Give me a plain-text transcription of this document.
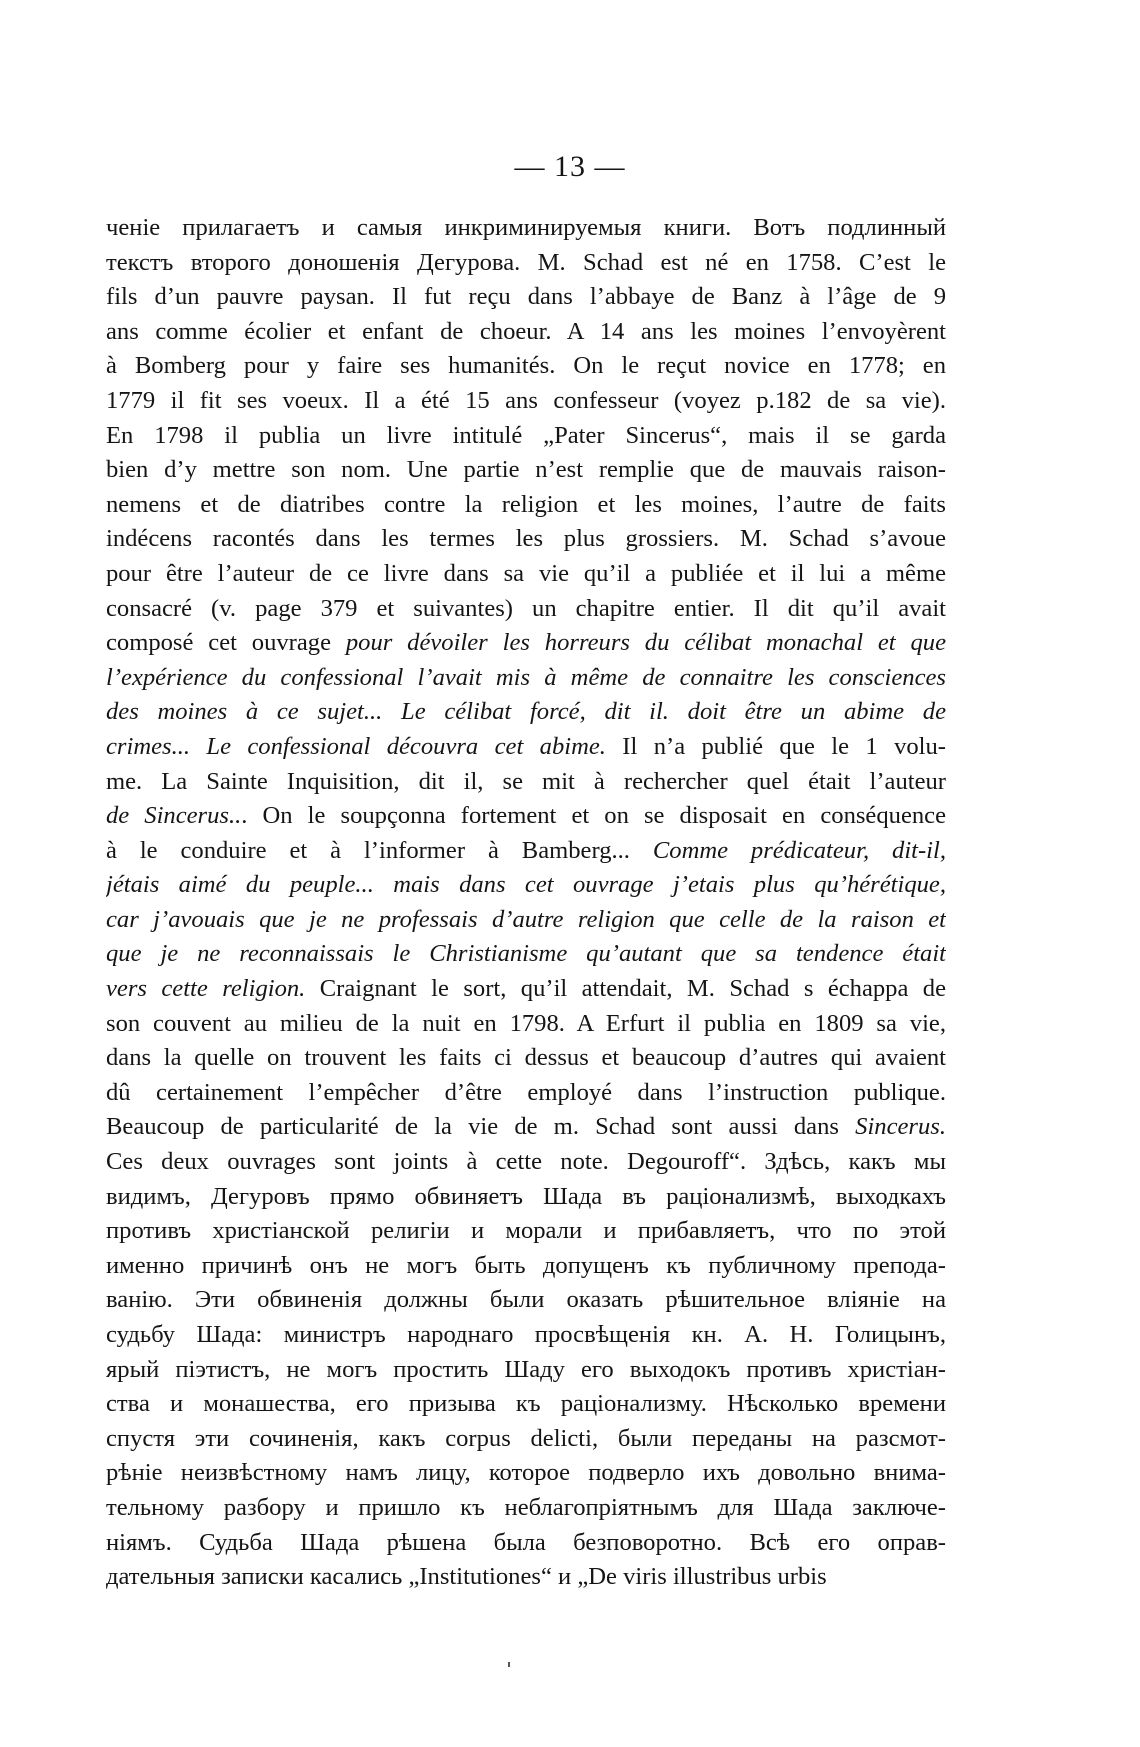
— 13 —
ченіе прилагаетъ и самыя инкриминируемыя книги. Вотъ подлинный
текстъ второго доношенія Дегурова. M. Schad est né en 1758. C’est le
fils d’un pauvre paysan. Il fut reçu dans l’abbaye de Banz à l’âge de 9
ans comme écolier et enfant de choeur. A 14 ans les moines l’envoyèrent
à Bomberg pour y faire ses humanités. On le reçut novice en 1778; en
1779 il fit ses voeux. Il a été 15 ans confesseur (voyez p.182 de sa vie).
En 1798 il publia un livre intitulé „Pater Sincerus“, mais il se garda
bien d’y mettre son nom. Une partie n’est remplie que de mauvais raison-
nemens et de diatribes contre la religion et les moines, l’autre de faits
indécens racontés dans les termes les plus grossiers. M. Schad s’avoue
pour être l’auteur de ce livre dans sa vie qu’il a publiée et il lui a même
consacré (v. page 379 et suivantes) un chapitre entier. Il dit qu’il avait
composé cet ouvrage pour dévoiler les horreurs du célibat monachal et que
l’expérience du confessional l’avait mis à même de connaitre les consciences
des moines à ce sujet... Le célibat forcé, dit il. doit être un abime de
crimes... Le confessional découvra cet abime. Il n’a publié que le 1 volu-
me. La Sainte Inquisition, dit il, se mit à rechercher quel était l’auteur
de Sincerus... On le soupçonna fortement et on se disposait en conséquence
à le conduire et à l’informer à Bamberg... Comme prédicateur, dit-il,
jétais aimé du peuple... mais dans cet ouvrage j’etais plus qu’hérétique,
car j’avouais que je ne professais d’autre religion que celle de la raison et
que je ne reconnaissais le Christianisme qu’autant que sa tendence était
vers cette religion. Craignant le sort, qu’il attendait, M. Schad s échappa de
son couvent au milieu de la nuit en 1798. A Erfurt il publia en 1809 sa vie,
dans la quelle on trouvent les faits ci dessus et beaucoup d’autres qui avaient
dû certainement l’empêcher d’être employé dans l’instruction publique.
Beaucoup de particularité de la vie de m. Schad sont aussi dans Sincerus.
Ces deux ouvrages sont joints à cette note. Degouroff“. Здѣсь, какъ мы
видимъ, Дегуровъ прямо обвиняетъ Шада въ раціонализмѣ, выходкахъ
противъ христіанской религіи и морали и прибавляетъ, что по этой
именно причинѣ онъ не могъ быть допущенъ къ публичному препода-
ванію. Эти обвиненія должны были оказать рѣшительное вліяніе на
судьбу Шада: министръ народнаго просвѣщенія кн. А. Н. Голицынъ,
ярый піэтистъ, не могъ простить Шаду его выходокъ противъ христіан-
ства и монашества, его призыва къ раціонализму. Нѣсколько времени
спустя эти сочиненія, какъ corpus delicti, были переданы на разсмот-
рѣніе неизвѣстному намъ лицу, которое подверло ихъ довольно внима-
тельному разбору и пришло къ неблагопріятнымъ для Шада заключе-
ніямъ. Судьба Шада рѣшена была безповоротно. Всѣ его оправ-
дательныя записки касались „Institutiones“ и „De viris illustribus urbis
